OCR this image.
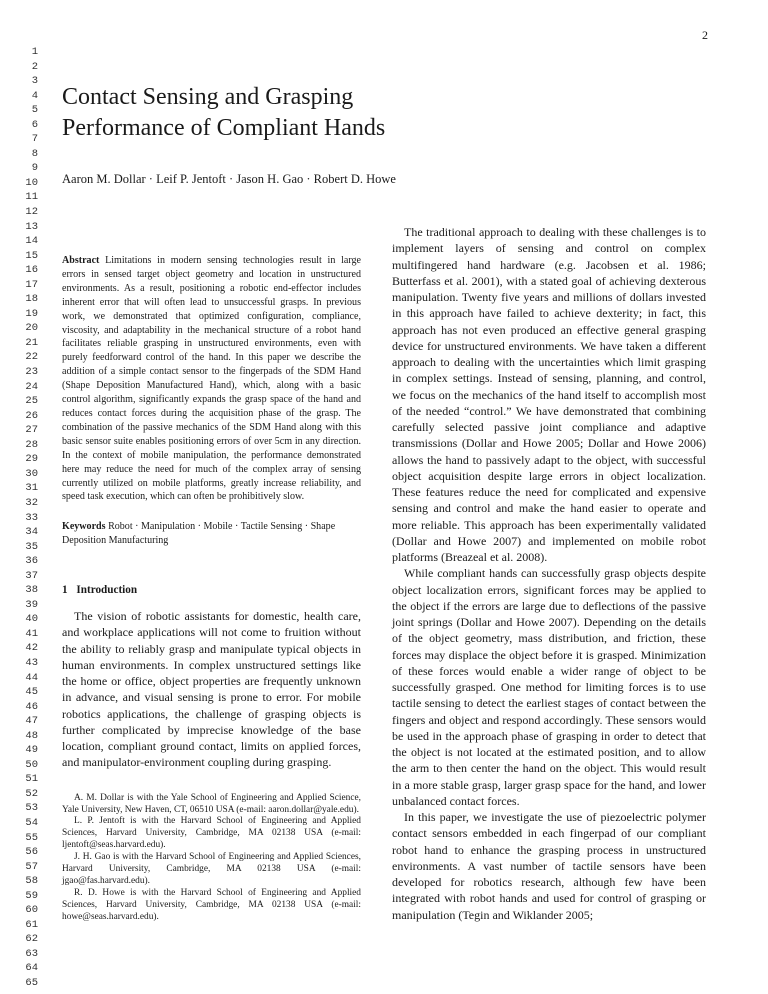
2
1
2
3
4
5
6
7
8
9
10
11
12
13
14
15
16
17
18
19
20
21
22
23
24
25
26
27
28
29
30
31
32
33
34
35
36
37
38
39
40
41
42
43
44
45
46
47
48
49
50
51
52
53
54
55
56
57
58
59
60
61
62
63
64
65
Contact Sensing and Grasping Performance of Compliant Hands
Aaron M. Dollar · Leif P. Jentoft · Jason H. Gao · Robert D. Howe

Abstract Limitations in modern sensing technologies result in large errors in sensed target object geometry and location in unstructured environments. As a result, positioning a robotic end-effector includes inherent error that will often lead to unsuccessful grasps. In previous work, we demonstrated that optimized configuration, compliance, viscosity, and adaptability in the mechanical structure of a robot hand facilitates reliable grasping in unstructured environments, even with purely feedforward control of the hand. In this paper we describe the addition of a simple contact sensor to the fingerpads of the SDM Hand (Shape Deposition Manufactured Hand), which, along with a basic control algorithm, significantly expands the grasp space of the hand and reduces contact forces during the acquisition phase of the grasp. The combination of the passive mechanics of the SDM Hand along with this basic sensor suite enables positioning errors of over 5cm in any direction. In the context of mobile manipulation, the performance demonstrated here may reduce the need for much of the complex array of sensing currently utilized on mobile platforms, greatly increase reliability, and speed task execution, which can often be prohibitively slow.

Keywords Robot · Manipulation · Mobile · Tactile Sensing · Shape Deposition Manufacturing

1 Introduction

The vision of robotic assistants for domestic, health care, and workplace applications will not come to fruition without the ability to reliably grasp and manipulate typical objects in human environments. In complex unstructured settings like the home or office, object properties are frequently unknown in advance, and visual sensing is prone to error. For mobile robotics applications, the challenge of grasping objects is further complicated by imprecise knowledge of the base location, compliant ground contact, limits on applied forces, and manipulator-environment coupling during grasping.

A. M. Dollar is with the Yale School of Engineering and Applied Science, Yale University, New Haven, CT, 06510 USA (e-mail: aaron.dollar@yale.edu).

L. P. Jentoft is with the Harvard School of Engineering and Applied Sciences, Harvard University, Cambridge, MA 02138 USA (e-mail: ljentoft@seas.harvard.edu).

J. H. Gao is with the Harvard School of Engineering and Applied Sciences, Harvard University, Cambridge, MA 02138 USA (e-mail: jgao@fas.harvard.edu).

R. D. Howe is with the Harvard School of Engineering and Applied Sciences, Harvard University, Cambridge, MA 02138 USA (e-mail: howe@seas.harvard.edu).

The traditional approach to dealing with these challenges is to implement layers of sensing and control on complex multifingered hand hardware (e.g. Jacobsen et al. 1986; Butterfass et al. 2001), with a stated goal of achieving dexterous manipulation. Twenty five years and millions of dollars invested in this approach have failed to achieve dexterity; in fact, this approach has not even produced an effective general grasping device for unstructured environments. We have taken a different approach to dealing with the uncertainties which limit grasping in complex settings. Instead of sensing, planning, and control, we focus on the mechanics of the hand itself to accomplish most of the needed “control.” We have demonstrated that combining carefully selected passive joint compliance and adaptive transmissions (Dollar and Howe 2005; Dollar and Howe 2006) allows the hand to passively adapt to the object, with successful object acquisition despite large errors in object localization. These features reduce the need for complicated and expensive sensing and control and make the hand easier to operate and more reliable. This approach has been experimentally validated (Dollar and Howe 2007) and implemented on mobile robot platforms (Breazeal et al. 2008).

While compliant hands can successfully grasp objects despite object localization errors, significant forces may be applied to the object if the errors are large due to deflections of the passive joint springs (Dollar and Howe 2007). Depending on the details of the object geometry, mass distribution, and friction, these forces may displace the object before it is grasped. Minimization of these forces would enable a wider range of object to be successfully grasped. One method for limiting forces is to use tactile sensing to detect the earliest stages of contact between the fingers and object and respond accordingly. These sensors would be used in the approach phase of grasping in order to detect that the object is not located at the estimated position, and to allow the arm to then center the hand on the object. This would result in a more stable grasp, larger grasp space for the hand, and lower unbalanced contact forces.

In this paper, we investigate the use of piezoelectric polymer contact sensors embedded in each fingerpad of our compliant robot hand to enhance the grasping process in unstructured environments. A vast number of tactile sensors have been developed for robotics research, although few have been integrated with robot hands and used for control of grasping or manipulation (Tegin and Wiklander 2005;
